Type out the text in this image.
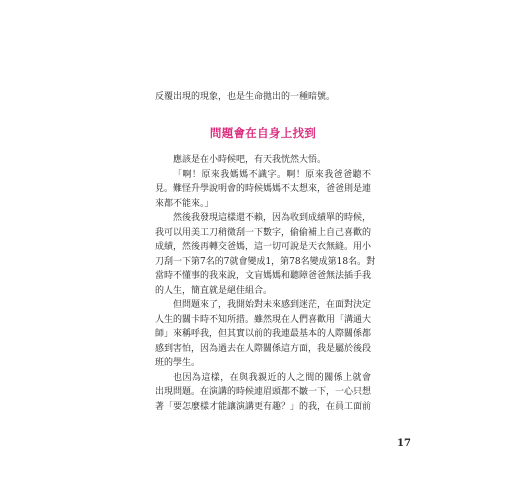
反覆出現的現象，也是生命拋出的一種暗號。
問題會在自身上找到
應該是在小時候吧，有天我恍然大悟。
「啊！原來我媽媽不識字。啊！原來我爸爸聽不
見。難怪升學說明會的時候媽媽不太想來，爸爸則是連
來都不能來。」
然後我發現這樣還不賴，因為收到成績單的時候，
我可以用美工刀稍微刮一下數字，偷偷補上自己喜歡的
成績，然後再轉交爸媽，這一切可說是天衣無縫。用小
刀刮一下第7名的7就會變成1，第78名變成第18名。對
當時不懂事的我來說，文盲媽媽和聽障爸爸無法插手我
的人生，簡直就是絕佳組合。
但問題來了，我開始對未來感到迷茫，在面對決定
人生的關卡時不知所措。雖然現在人們喜歡用「溝通大
師」來稱呼我，但其實以前的我連最基本的人際關係都
感到害怕，因為過去在人際關係這方面，我是屬於後段
班的學生。
也因為這樣，在與我親近的人之間的關係上就會
出現問題。在演講的時候連眉頭都不皺一下，一心只想
著「要怎麼樣才能讓演講更有趣？」的我，在員工面前
17
